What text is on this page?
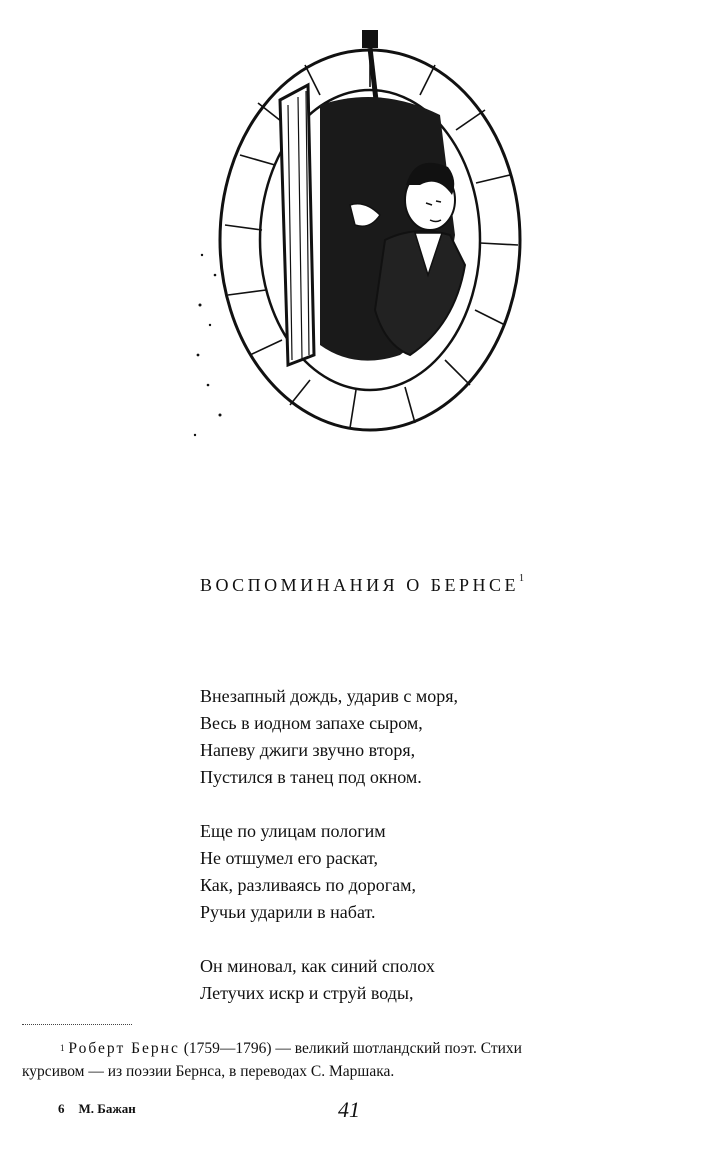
ВОСПОМИНАНИЯ О БЕРНСЕ$^1$
Внезапный дождь, ударив с моря,
Весь в иодном запахе сыром,
Напеву джиги звучно вторя,
Пустился в танец под окном.
Еще по улицам пологим
Не отшумел его раскат,
Как, разливаясь по дорогам,
Ручьи ударили в набат.
Он миновал, как синий сполох
Летучих искр и струй воды,
$^1$ Роберт Бернс (1759—1796) — великий шотландский поэт. Стихи
курсивом — из поэзии Бернса, в переводах С. Маршака.
6 М. Бажан	41
